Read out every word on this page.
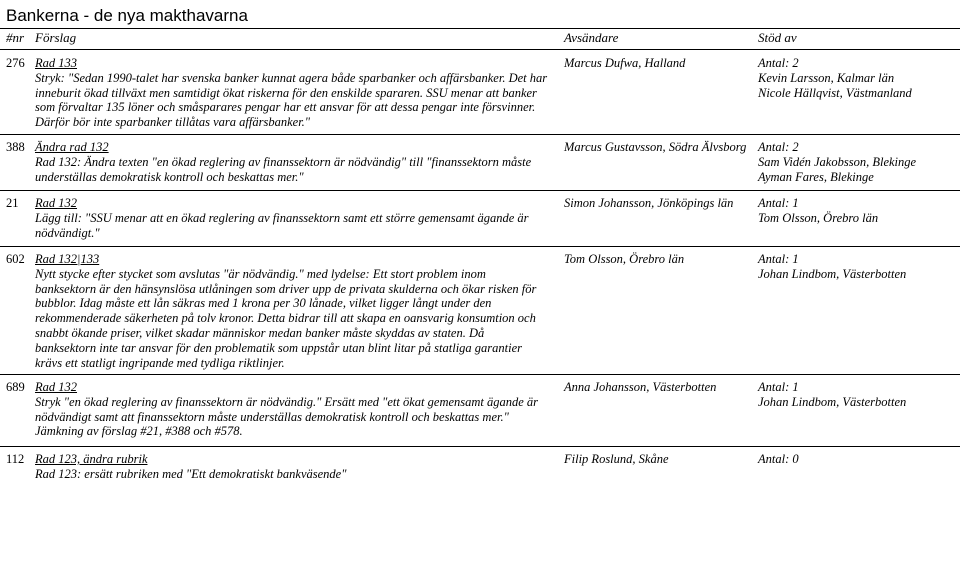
Bankerna - de nya makthavarna
#nr Förslag	Avsändare	Stöd av
276 Rad 133
Stryk: "Sedan 1990-talet har svenska banker kunnat agera både sparbanker och affärsbanker. Det har
inneburit ökad tillväxt men samtidigt ökat riskerna för den enskilde spararen. SSU menar att banker
som förvaltar 135 löner och småsparares pengar har ett ansvar för att dessa pengar inte försvinner.
Därför bör inte sparbanker tillåtas vara affärsbanker."
Marcus Dufwa, Halland	Antal: 2
Kevin Larsson, Kalmar län
Nicole Hällqvist, Västmanland
388 Ändra rad 132
Rad 132: Ändra texten "en ökad reglering av finanssektorn är nödvändig" till "finanssektorn måste
underställas demokratisk kontroll och beskattas mer."
Marcus Gustavsson, Södra Älvsborg Antal: 2
Sam Vidén Jakobsson, Blekinge
Ayman Fares, Blekinge
21 Rad 132
Lägg till: "SSU menar att en ökad reglering av finanssektorn samt ett större gemensamt ägande är
nödvändigt."
Simon Johansson, Jönköpings län Antal: 1
Tom Olsson, Örebro län
602 Rad 132|133
Nytt stycke efter stycket som avslutas "är nödvändig." med lydelse: Ett stort problem inom
banksektorn är den hänsynslösa utlåningen som driver upp de privata skulderna och ökar risken för
bubblor. Idag måste ett lån säkras med 1 krona per 30 lånade, vilket ligger långt under den
rekommenderade säkerheten på tolv kronor. Detta bidrar till att skapa en oansvarig konsumtion och
snabbt ökande priser, vilket skadar människor medan banker måste skyddas av staten. Då
banksektorn inte tar ansvar för den problematik som uppstår utan blint litar på statliga garantier
krävs ett statligt ingripande med tydliga riktlinjer.
Tom Olsson, Örebro län	Antal: 1
Johan Lindbom, Västerbotten
689 Rad 132
Stryk "en ökad reglering av finanssektorn är nödvändig." Ersätt med "ett ökat gemensamt ägande är
nödvändigt samt att finanssektorn måste underställas demokratisk kontroll och beskattas mer."
Jämkning av förslag #21, #388 och #578.
Anna Johansson, Västerbotten	Antal: 1
Johan Lindbom, Västerbotten
112 Rad 123, ändra rubrik
Rad 123: ersätt rubriken med "Ett demokratiskt bankväsende"
Filip Roslund, Skåne	Antal: 0
